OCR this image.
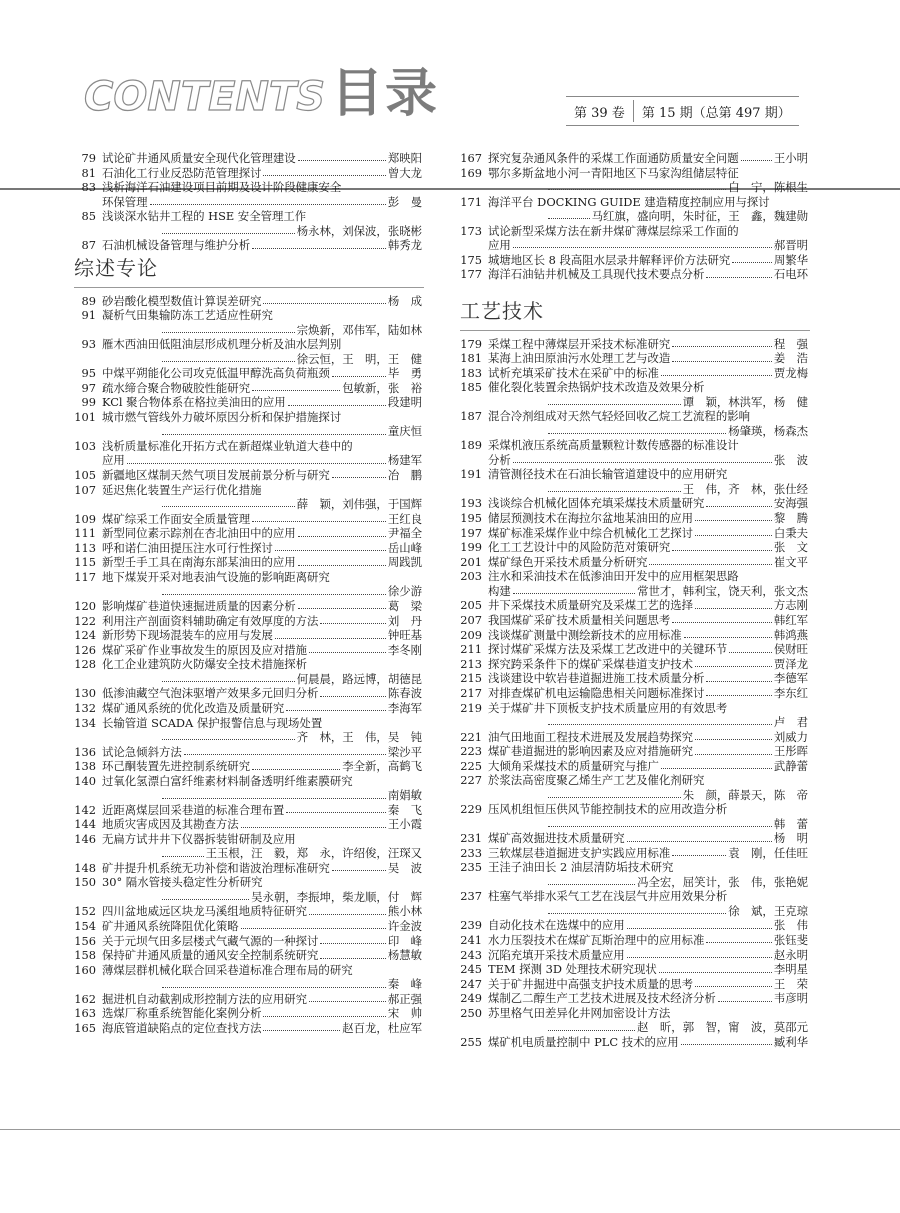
CONTENTS 目录	第 39 卷	第 15 期（总第 497 期）
79 试论矿井通风质量安全现代化管理建设	郑映阳
81 石油化工行业反恐防范管理探讨	曾大龙
83 浅析海洋石油建设项目前期及设计阶段健康安全
环保管理	彭　曼
85 浅谈深水钻井工程的 HSE 安全管理工作
杨永林，刘保波，张晓彬
87 石油机械设备管理与维护分析	韩秀龙
综述专论
89 砂岩酸化模型数值计算误差研究	杨　成
91 凝析气田集输防冻工艺适应性研究
宗焕新，邓伟军，陆如林
93 雁木西油田低阻油层形成机理分析及油水层判别
徐云恒，王　明，王　健
95 中煤平朔能化公司攻克低温甲醇洗高负荷瓶颈	毕　勇
97 疏水缔合聚合物破胶性能研究	包敏新，张　裕
99 KCl 聚合物体系在格拉美油田的应用	段建明
101 城市燃气管线外力破坏原因分析和保护措施探讨
童庆恒
103 浅析质量标准化开拓方式在新超煤业轨道大巷中的
应用	杨建军
105 新疆地区煤制天然气项目发展前景分析与研究	冶　鹏
107 延迟焦化装置生产运行优化措施
薛　颖，刘伟强，于国辉
109 煤矿综采工作面安全质量管理	王红良
111 新型同位素示踪剂在杏北油田中的应用	尹福全
113 呼和诺仁油田提压注水可行性探讨	岳山峰
115 新型壬手工具在南海东部某油田的应用	周践凯
117 地下煤炭开采对地表油气设施的影响距离研究
徐少游
120 影响煤矿巷道快速掘进质量的因素分析	葛　梁
122 利用注产剖面资料辅助确定有效厚度的方法	刘　丹
124 新形势下现场混装车的应用与发展	钟旺基
126 煤矿采矿作业事故发生的原因及应对措施	李冬刚
128 化工企业建筑防火防爆安全技术措施探析
何晨晨，路远博，胡德昆
130 低渗油藏空气泡沫驱增产效果多元回归分析	陈春波
132 煤矿通风系统的优化改造及质量研究	李海军
134 长输管道 SCADA 保护报警信息与现场处置
齐　林，王　伟，吴　钝
136 试论急倾斜方法	梁沙平
138 环己酮装置先进控制系统研究	李全新，高鹤飞
140 过氧化氢漂白富纤维素材料制备透明纤维素膜研究
南娟敏
142 近距离煤层回采巷道的标准合理布置	秦　飞
144 地质灾害成因及其勘查方法	王小霞
146 无扁方试井井下仪器拆装钳研制及应用
王玉根，汪　毅，郑　永，许绍俊，汪琛又
148 矿井提升机系统无功补偿和谐波治理标准研究	吴　波
150 30° 隔水管接头稳定性分析研究
吴永朝，李振坤，柴龙顺，付　辉
152 四川盆地威远区块龙马溪组地质特征研究	熊小林
154 矿井通风系统降阻优化策略	许金波
156 关于元坝气田多层楼式气藏气源的一种探讨	印　峰
158 保持矿井通风质量的通风安全控制系统研究	杨慧敏
160 薄煤层群机械化联合回采巷道标准合理布局的研究
秦　峰
162 掘进机自动截割成形控制方法的应用研究	郝正强
163 选煤厂称重系统智能化案例分析	宋　帅
165 海底管道缺陷点的定位查找方法	赵百龙，杜应军
167 探究复杂通风条件的采煤工作面通防质量安全问题	王小明
169 鄂尔多斯盆地小河一青阳地区下马家沟组储层特征
白　宁，陈根生
171 海洋平台 DOCKING GUIDE 建造精度控制应用与探讨
马红旗，盛向明，朱时征，王　鑫，魏建勋
173 试论新型采煤方法在新井煤矿薄煤层综采工作面的
应用	郝晋明
175 城塘地区长 8 段高阻水层录井解释评价方法研究	周繁华
177 海洋石油钻井机械及工具现代技术要点分析	石电环
工艺技术
179 采煤工程中薄煤层开采技术标准研究	程　强
181 某海上油田原油污水处理工艺与改造	姜　浩
183 试析充填采矿技术在采矿中的标准	贾龙梅
185 催化裂化装置余热锅炉技术改造及效果分析
谭　颖，林洪军，杨　健
187 混合冷剂组成对天然气轻烃回收乙烷工艺流程的影响
杨肇瑛，杨森杰
189 采煤机液压系统高质量颗粒计数传感器的标准设计
分析	张　波
191 清管测径技术在石油长输管道建设中的应用研究
王　伟，齐　林，张仕经
193 浅谈综合机械化固体充填采煤技术质量研究	安海强
195 储层预测技术在海拉尔盆地某油田的应用	黎　腾
197 煤矿标准采煤作业中综合机械化工艺探讨	白秉夫
199 化工工艺设计中的风险防范对策研究	张　文
201 煤矿绿色开采技术质量分析研究	崔文平
203 注水和采油技术在低渗油田开发中的应用框架思路
构建	常世才，韩利宝，饶天利，张文杰
205 井下采煤技术质量研究及采煤工艺的选择	方志刚
207 我国煤矿采矿技术质量相关问题思考	韩红军
209 浅谈煤矿测量中测绘新技术的应用标准	韩鸿燕
211 探讨煤矿采煤方法及采煤工艺改进中的关键环节	侯财旺
213 探究跨采条件下的煤矿采煤巷道支护技术	贾泽龙
215 浅谈建设中软岩巷道掘进施工技术质量分析	李德军
217 对排查煤矿机电运输隐患相关问题标准探讨	李东红
219 关于煤矿井下顶板支护技术质量应用的有效思考
卢　君
221 油气田地面工程技术进展及发展趋势探究	刘威力
223 煤矿巷道掘进的影响因素及应对措施研究	王彤晖
225 大倾角采煤技术的质量研究与推广	武静蕾
227 於浆法高密度聚乙烯生产工艺及催化剂研究
朱　颜，薛景天，陈　帝
229 压风机组恒压供风节能控制技术的应用改造分析
韩　蕾
231 煤矿高效掘进技术质量研究	杨　明
233 三软煤层巷道掘进支护实践应用标准	袁　刚，任佳旺
235 王洼子油田长 2 油层清防垢技术研究
冯全宏，屈笑计，张　伟，张艳妮
237 柱塞气举排水采气工艺在浅层气井应用效果分析
徐　斌，王克琼
239 自动化技术在选煤中的应用	张　伟
241 水力压裂技术在煤矿瓦斯治理中的应用标准	张钰斐
243 沉陷充填开采技术质量应用	赵永明
245 TEM 探测 3D 处理技术研究现状	李明星
247 关于矿井掘进中高强支护技术质量的思考	王　荣
249 煤制乙二醇生产工艺技术进展及技术经济分析	韦彦明
250 苏里格气田差异化井网加密设计方法
赵　昕，郭　智，甯　波，莫邵元
255 煤矿机电质量控制中 PLC 技术的应用	臧利华
